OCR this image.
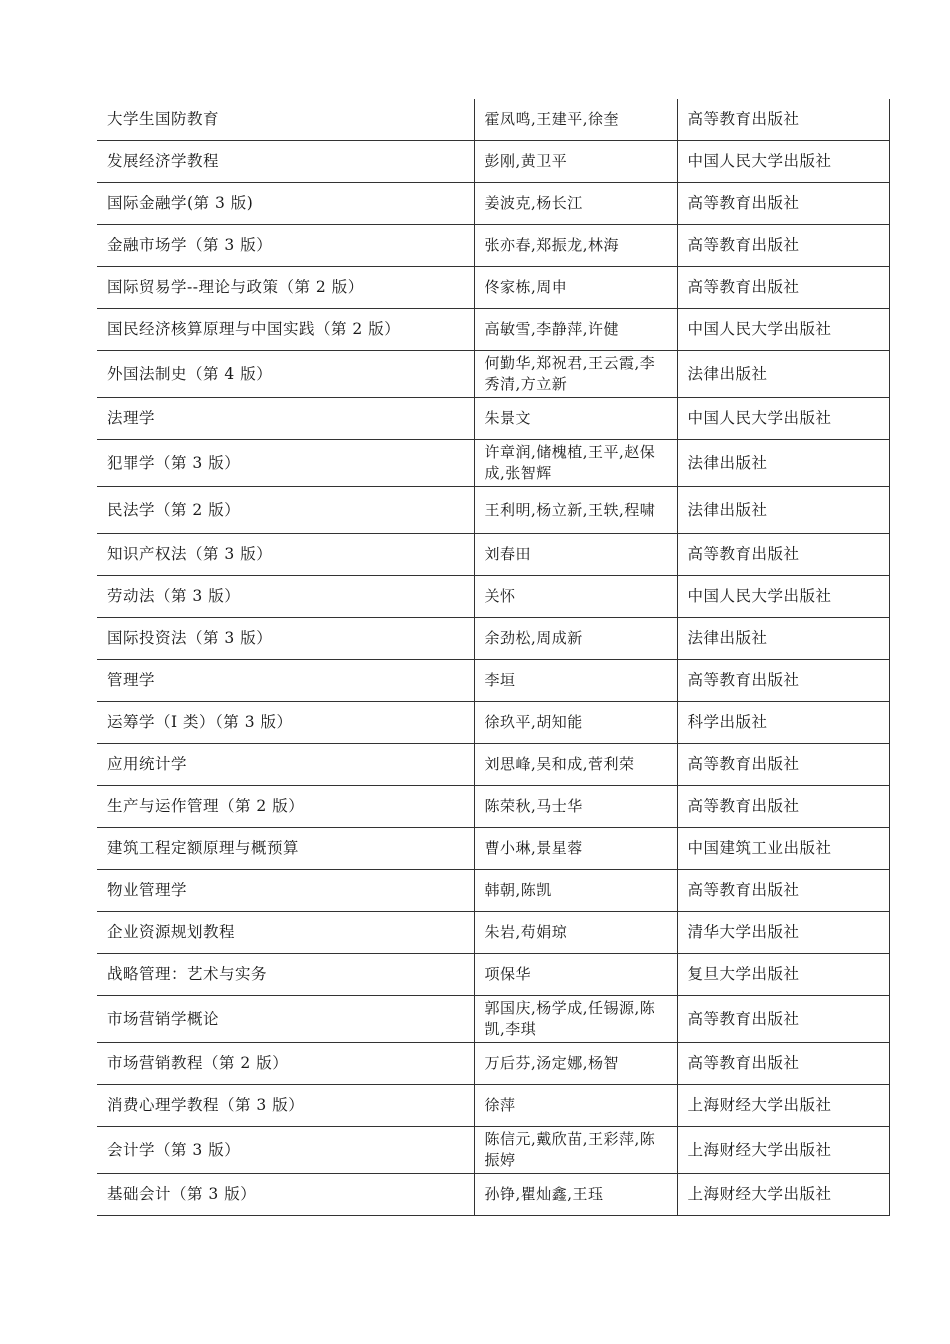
大学生国防教育	霍凤鸣,王建平,徐奎	高等教育出版社
发展经济学教程	彭刚,黄卫平	中国人民大学出版社
国际金融学(第 3 版)	姜波克,杨长江	高等教育出版社
金融市场学（第 3 版）	张亦春,郑振龙,林海	高等教育出版社
国际贸易学--理论与政策（第 2 版）	佟家栋,周申	高等教育出版社
国民经济核算原理与中国实践（第 2 版）	高敏雪,李静萍,许健	中国人民大学出版社
外国法制史（第 4 版）	何勤华,郑祝君,王云霞,李秀清,方立新	法律出版社
法理学	朱景文	中国人民大学出版社
犯罪学（第 3 版）	许章润,储槐植,王平,赵保成,张智辉	法律出版社
民法学（第 2 版）	王利明,杨立新,王轶,程啸	法律出版社
知识产权法（第 3 版）	刘春田	高等教育出版社
劳动法（第 3 版）	关怀	中国人民大学出版社
国际投资法（第 3 版）	余劲松,周成新	法律出版社
管理学	李垣	高等教育出版社
运筹学（I 类）（第 3 版）	徐玖平,胡知能	科学出版社
应用统计学	刘思峰,吴和成,菅利荣	高等教育出版社
生产与运作管理（第 2 版）	陈荣秋,马士华	高等教育出版社
建筑工程定额原理与概预算	曹小琳,景星蓉	中国建筑工业出版社
物业管理学	韩朝,陈凯	高等教育出版社
企业资源规划教程	朱岩,苟娟琼	清华大学出版社
战略管理：艺术与实务	项保华	复旦大学出版社
市场营销学概论	郭国庆,杨学成,任锡源,陈凯,李琪	高等教育出版社
市场营销教程（第 2 版）	万后芬,汤定娜,杨智	高等教育出版社
消费心理学教程（第 3 版）	徐萍	上海财经大学出版社
会计学（第 3 版）	陈信元,戴欣苗,王彩萍,陈振婷	上海财经大学出版社
基础会计（第 3 版）	孙铮,瞿灿鑫,王珏	上海财经大学出版社
